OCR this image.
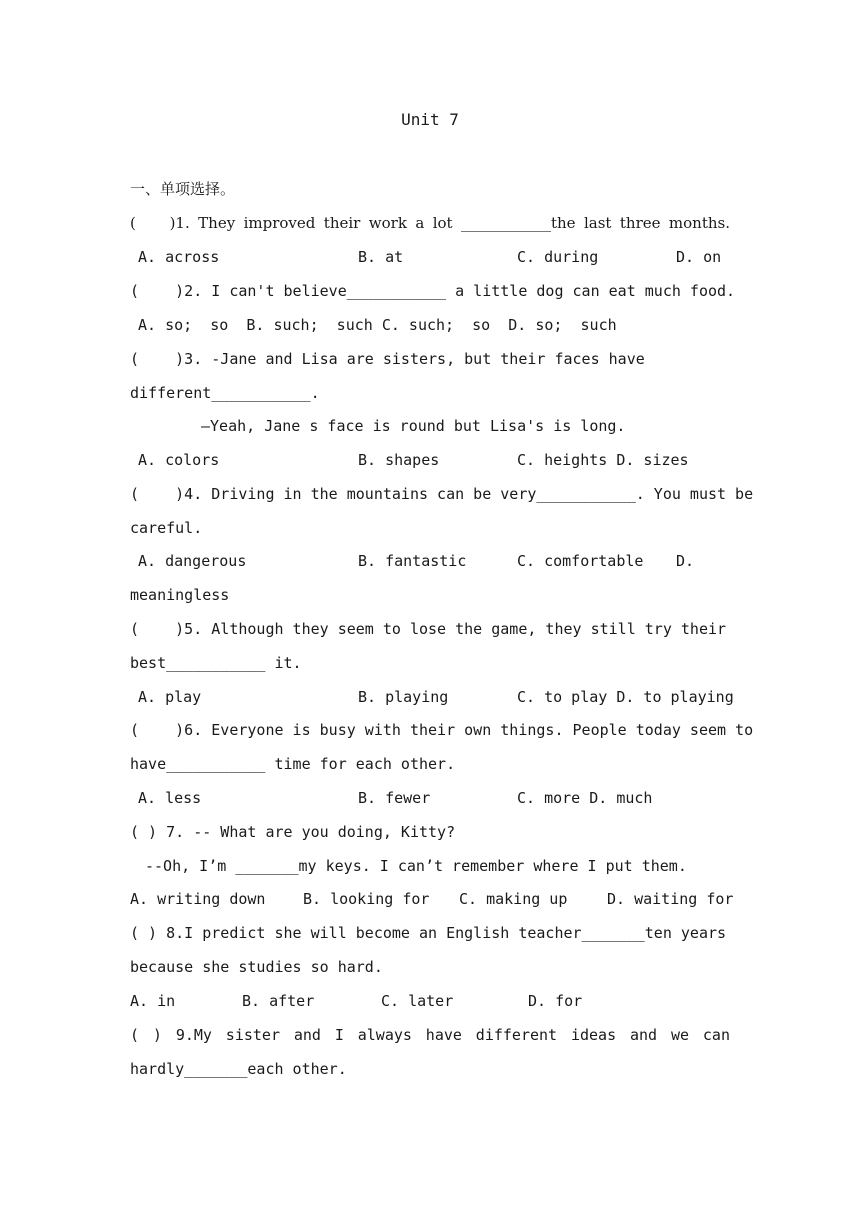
Unit 7
一、单项选择。
(    )1. They improved their work a lot ____________the last three months.
A. across	B. at	C. during	D. on
(    )2. I can't believe___________ a little dog can eat much food.
A. so;  so  B. such;  such C. such;  so  D. so;  such
(    )3. -Jane and Lisa are sisters, but their faces have
different___________.
—Yeah, Jane s face is round but Lisa's is long.
A. colors	B. shapes	C. heights D. sizes
(    )4. Driving in the mountains can be very___________. You must be
careful.
A. dangerous	B. fantastic	C. comfortable D.
meaningless
(    )5. Although they seem to lose the game, they still try their
best___________ it.
A. play	B. playing	C. to play D. to playing
(    )6. Everyone is busy with their own things. People today seem to
have___________ time for each other.
A. less	B. fewer	C. more D. much
( ) 7. -- What are you doing, Kitty?
--Oh, I’m _______my keys. I can’t remember where I put them.
A. writing down	B. looking for C. making up	D. waiting for
( ) 8.I predict she will become an English teacher_______ten years
because she studies so hard.
A. in	B. after	C. later	D. for
( ) 9.My sister and I always have different ideas and we can
hardly_______each other.
